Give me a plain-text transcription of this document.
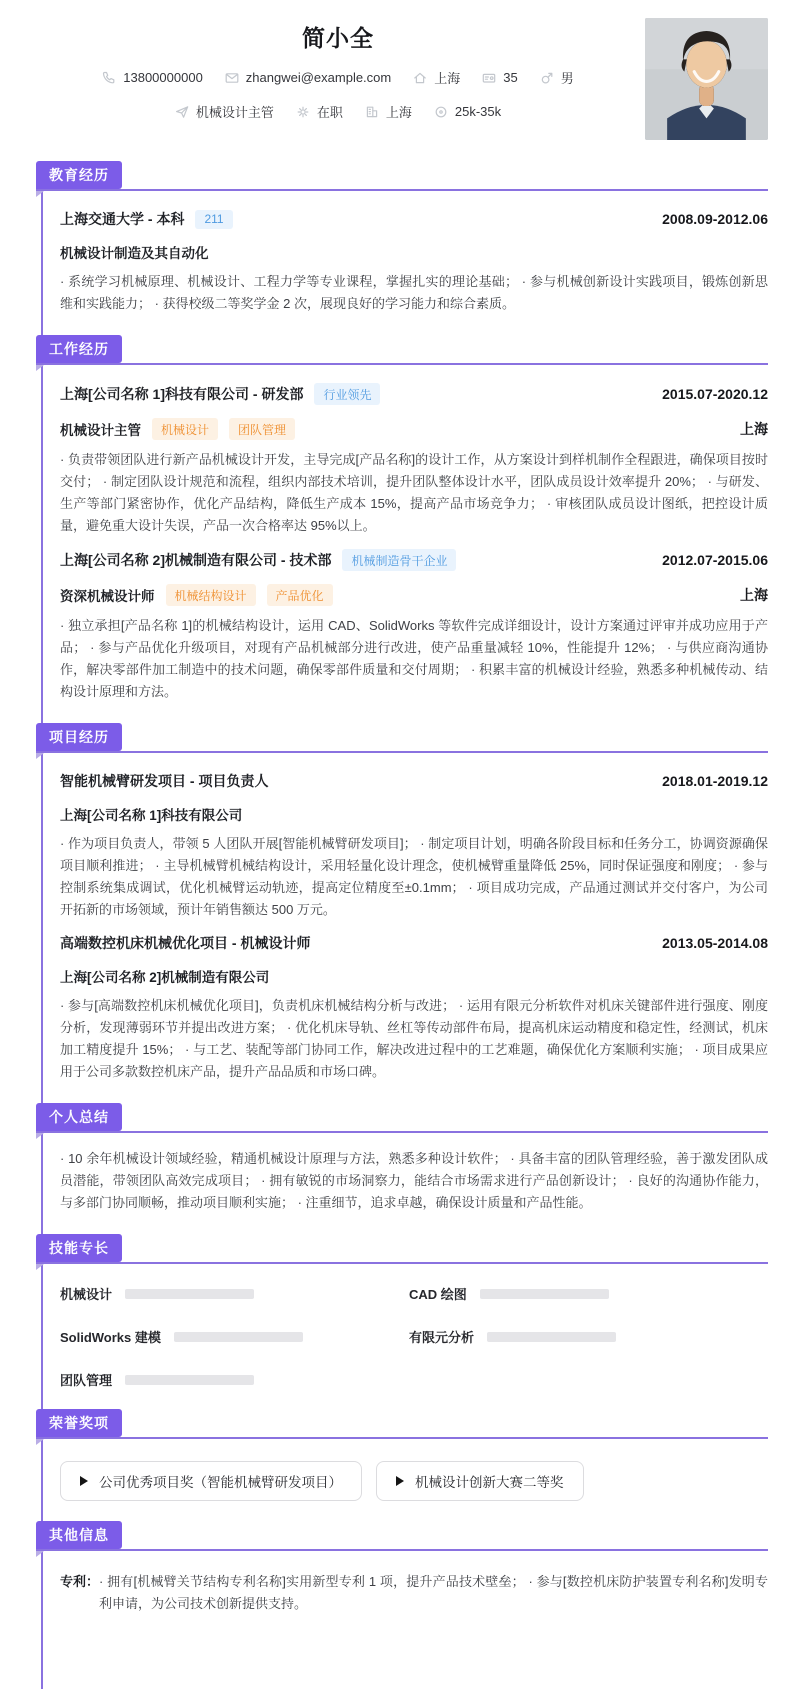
简小全
13800000000	zhangwei@example.com	上海	35	男
机械设计主管	在职	上海	25k-35k
教育经历
上海交通大学 - 本科	211	2008.09-2012.06
机械设计制造及其自动化
· 系统学习机械原理、机械设计、工程力学等专业课程，掌握扎实的理论基础； · 参与机械创新设计实践项目，锻炼创新思维和实践能力； · 获得校级二等奖学金 2 次，展现良好的学习能力和综合素质。
工作经历
上海[公司名称 1]科技有限公司 - 研发部	行业领先	2015.07-2020.12
机械设计主管	机械设计	团队管理	上海
· 负责带领团队进行新产品机械设计开发，主导完成[产品名称]的设计工作，从方案设计到样机制作全程跟进，确保项目按时交付； · 制定团队设计规范和流程，组织内部技术培训，提升团队整体设计水平，团队成员设计效率提升 20%； · 与研发、生产等部门紧密协作，优化产品结构，降低生产成本 15%，提高产品市场竞争力； · 审核团队成员设计图纸，把控设计质量，避免重大设计失误，产品一次合格率达 95%以上。
上海[公司名称 2]机械制造有限公司 - 技术部	机械制造骨干企业	2012.07-2015.06
资深机械设计师	机械结构设计	产品优化	上海
· 独立承担[产品名称 1]的机械结构设计，运用 CAD、SolidWorks 等软件完成详细设计，设计方案通过评审并成功应用于产品； · 参与产品优化升级项目，对现有产品机械部分进行改进，使产品重量减轻 10%，性能提升 12%； · 与供应商沟通协作，解决零部件加工制造中的技术问题，确保零部件质量和交付周期； · 积累丰富的机械设计经验，熟悉多种机械传动、结构设计原理和方法。
项目经历
智能机械臂研发项目 - 项目负责人	2018.01-2019.12
上海[公司名称 1]科技有限公司
· 作为项目负责人，带领 5 人团队开展[智能机械臂研发项目]； · 制定项目计划，明确各阶段目标和任务分工，协调资源确保项目顺利推进； · 主导机械臂机械结构设计，采用轻量化设计理念，使机械臂重量降低 25%，同时保证强度和刚度； · 参与控制系统集成调试，优化机械臂运动轨迹，提高定位精度至±0.1mm； · 项目成功完成，产品通过测试并交付客户，为公司开拓新的市场领域，预计年销售额达 500 万元。
高端数控机床机械优化项目 - 机械设计师	2013.05-2014.08
上海[公司名称 2]机械制造有限公司
· 参与[高端数控机床机械优化项目]，负责机床机械结构分析与改进； · 运用有限元分析软件对机床关键部件进行强度、刚度分析，发现薄弱环节并提出改进方案； · 优化机床导轨、丝杠等传动部件布局，提高机床运动精度和稳定性，经测试，机床加工精度提升 15%； · 与工艺、装配等部门协同工作，解决改进过程中的工艺难题，确保优化方案顺利实施； · 项目成果应用于公司多款数控机床产品，提升产品品质和市场口碑。
个人总结
· 10 余年机械设计领域经验，精通机械设计原理与方法，熟悉多种设计软件； · 具备丰富的团队管理经验，善于激发团队成员潜能，带领团队高效完成项目； · 拥有敏锐的市场洞察力，能结合市场需求进行产品创新设计； · 良好的沟通协作能力，与多部门协同顺畅，推动项目顺利实施； · 注重细节，追求卓越，确保设计质量和产品性能。
技能专长
机械设计	CAD 绘图
SolidWorks 建模	有限元分析
团队管理
荣誉奖项
公司优秀项目奖（智能机械臂研发项目）	机械设计创新大赛二等奖
其他信息
专利： · 拥有[机械臂关节结构专利名称]实用新型专利 1 项，提升产品技术壁垒； · 参与[数控机床防护装置专利名称]发明专利申请，为公司技术创新提供支持。
